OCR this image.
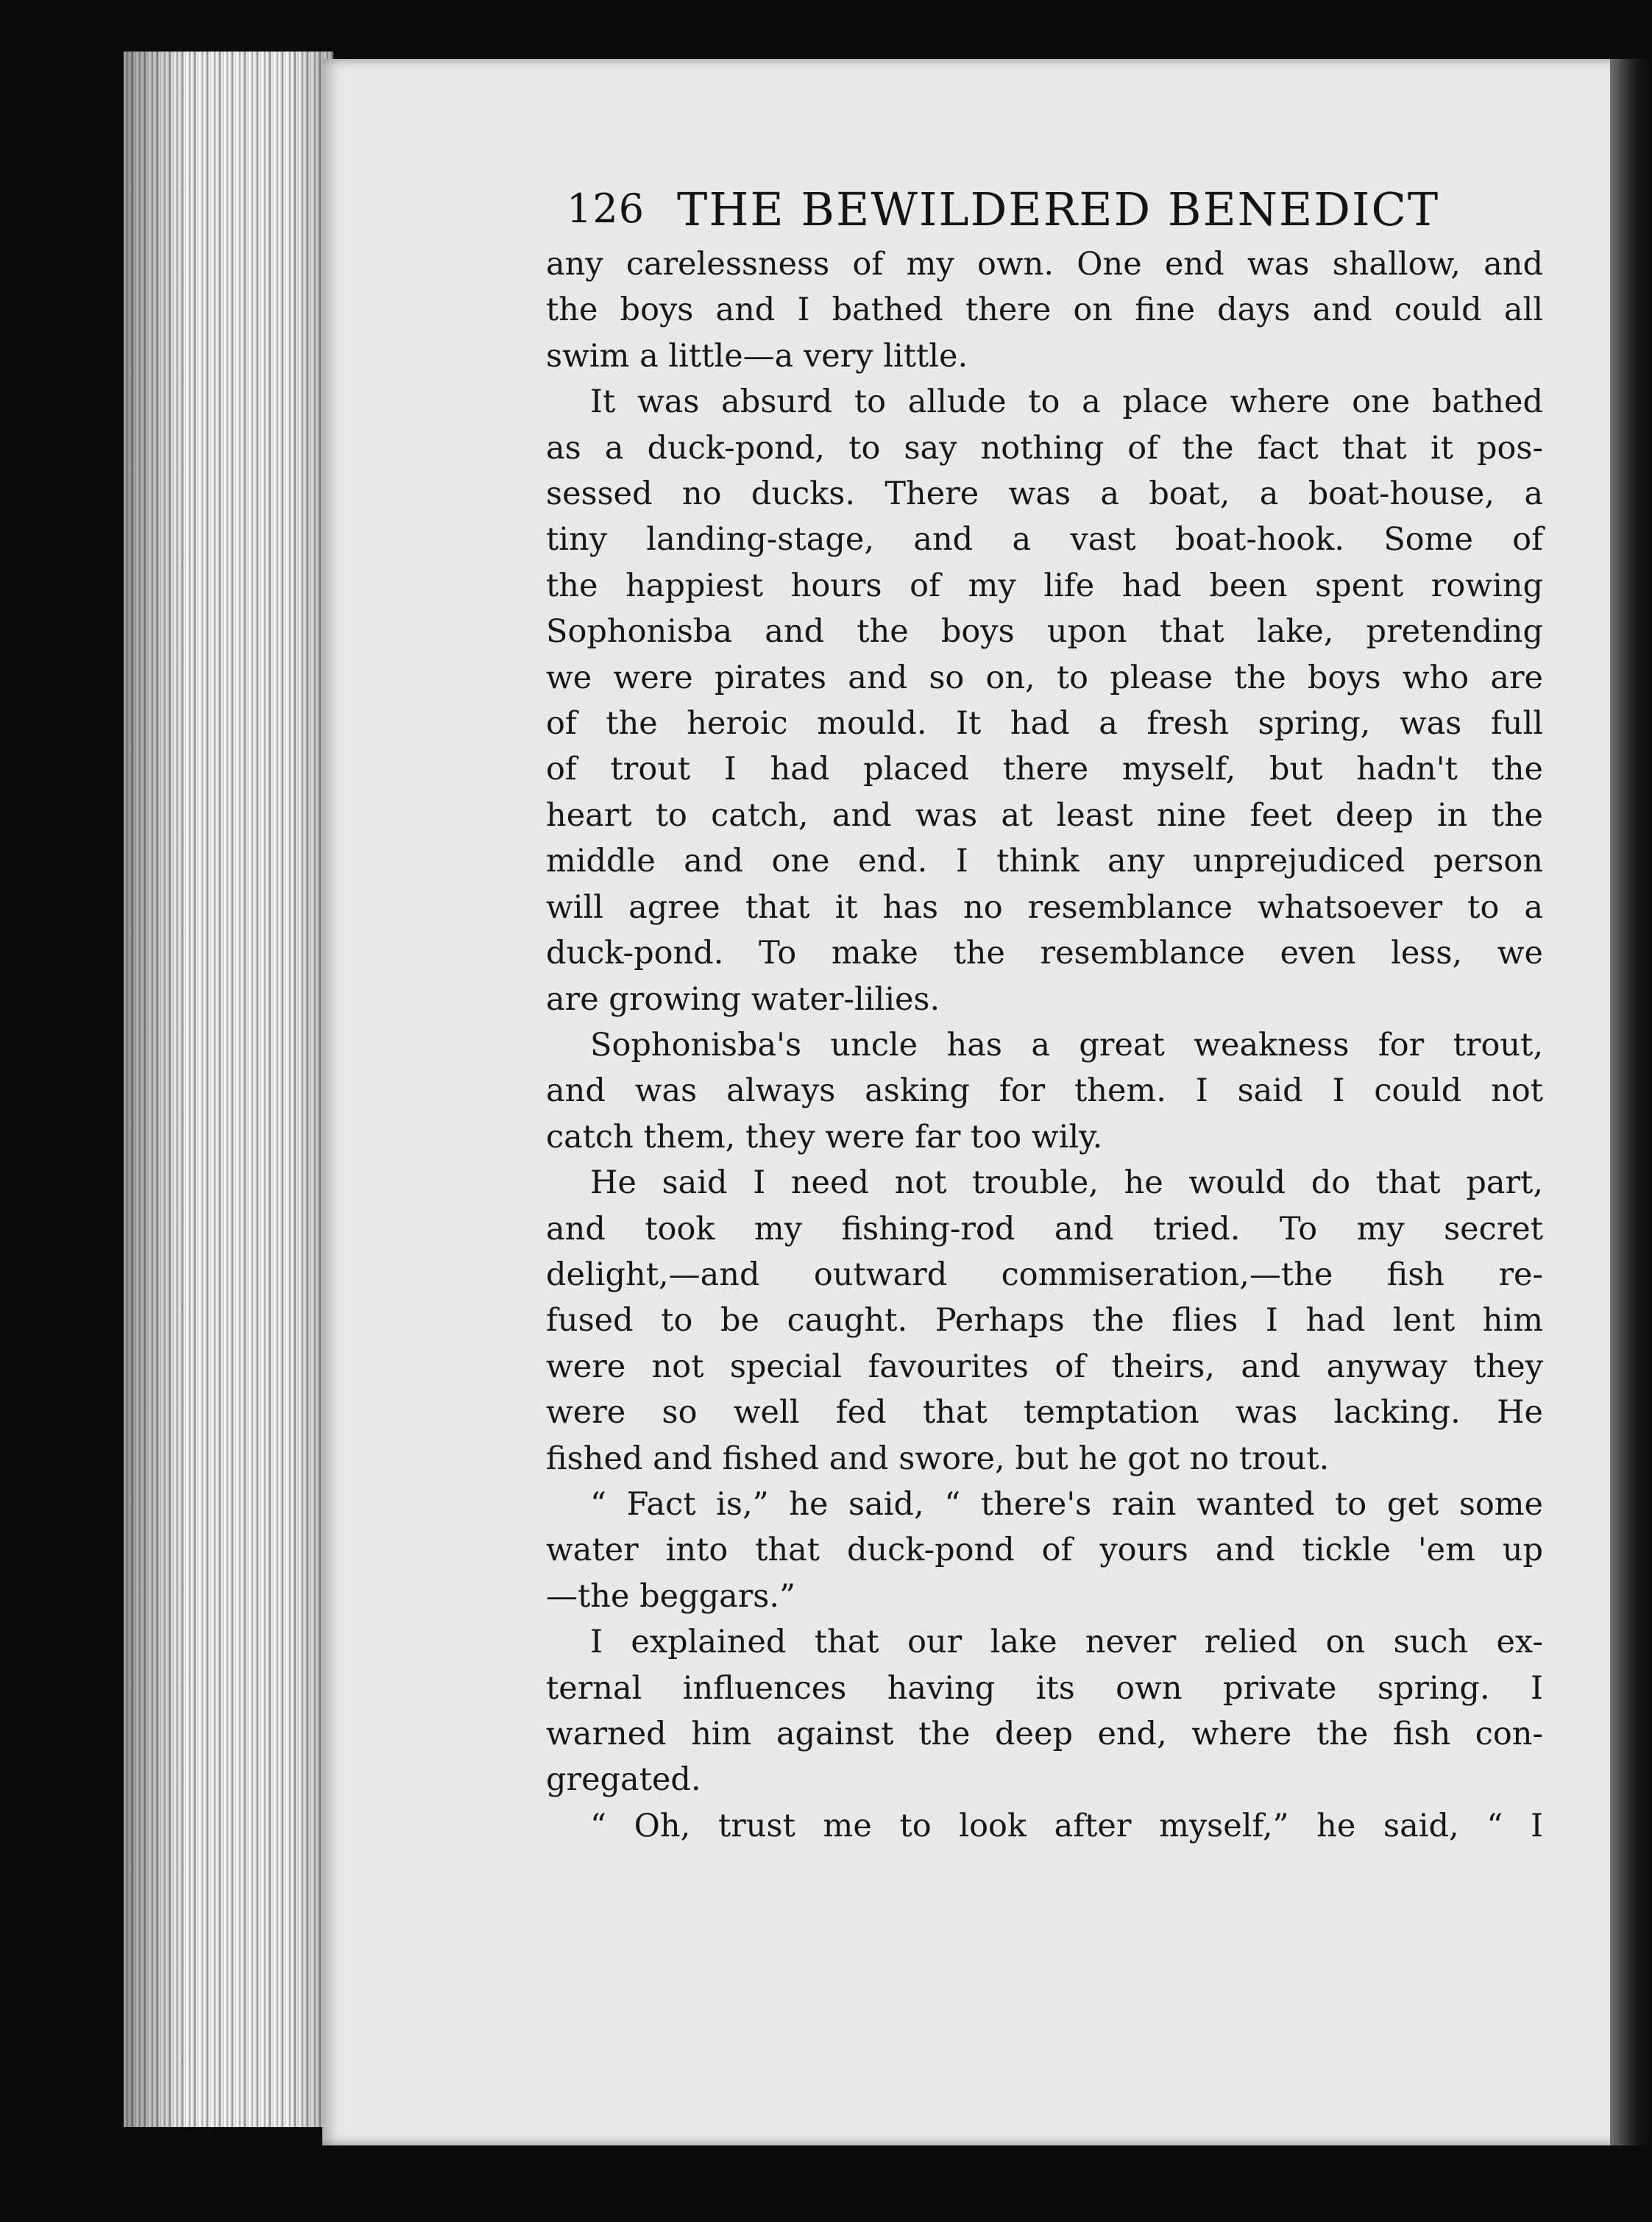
126 THE BEWILDERED BENEDICT

any carelessness of my own. One end was shallow, and
the boys and I bathed there on fine days and could all
swim a little—a very little.

It was absurd to allude to a place where one bathed
as a duck-pond, to say nothing of the fact that it pos-
sessed no ducks. There was a boat, a boat-house, a
tiny landing-stage, and a vast boat-hook. Some of
the happiest hours of my life had been spent rowing
Sophonisba and the boys upon that lake, pretending
we were pirates and so on, to please the boys who are
of the heroic mould. It had a fresh spring, was full
of trout I had placed there myself, but hadn't the
heart to catch, and was at least nine feet deep in the
middle and one end. I think any unprejudiced person
will agree that it has no resemblance whatsoever to a
duck-pond. To make the resemblance even less, we
are growing water-lilies.

Sophonisba's uncle has a great weakness for trout,
and was always asking for them. I said I could not
catch them, they were far too wily.

He said I need not trouble, he would do that part,
and took my fishing-rod and tried. To my secret
delight,—and outward commiseration,—the fish re-
fused to be caught. Perhaps the flies I had lent him
were not special favourites of theirs, and anyway they
were so well fed that temptation was lacking. He
fished and fished and swore, but he got no trout.

“ Fact is,” he said, “ there's rain wanted to get some
water into that duck-pond of yours and tickle 'em up
—the beggars.”

I explained that our lake never relied on such ex-
ternal influences having its own private spring. I
warned him against the deep end, where the fish con-
gregated.

“ Oh, trust me to look after myself,” he said, “ I
